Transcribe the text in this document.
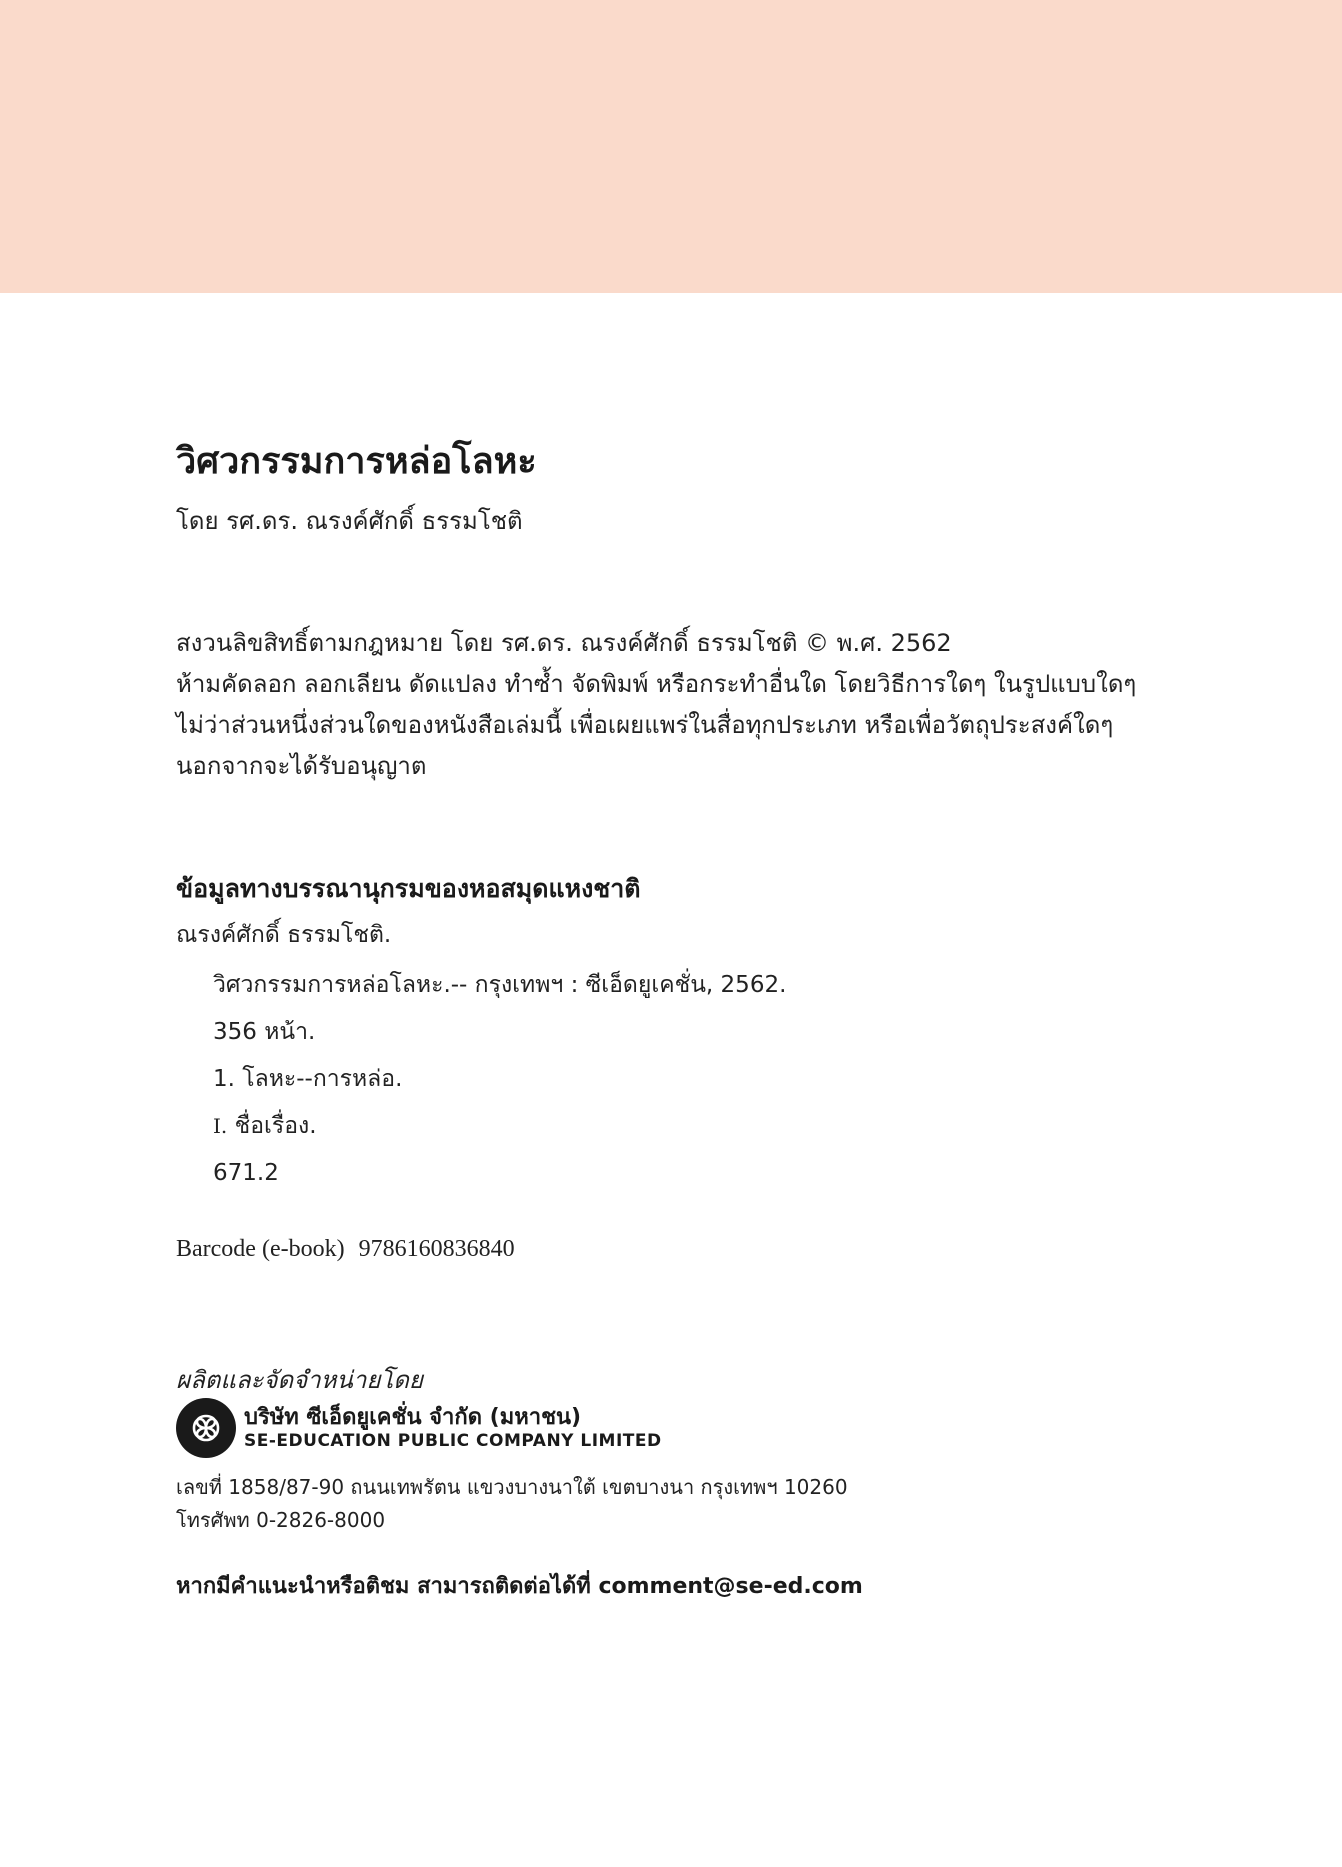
วิศวกรรมการหล่อโลหะ
โดย รศ.ดร. ณรงค์ศักดิ์ ธรรมโชติ
สงวนลิขสิทธิ์ตามกฎหมาย โดย รศ.ดร. ณรงค์ศักดิ์ ธรรมโชติ © พ.ศ. 2562
ห้ามคัดลอก ลอกเลียน ดัดแปลง ทำซ้ำ จัดพิมพ์ หรือกระทำอื่นใด โดยวิธีการใดๆ ในรูปแบบใดๆ
ไม่ว่าส่วนหนึ่งส่วนใดของหนังสือเล่มนี้ เพื่อเผยแพร่ในสื่อทุกประเภท หรือเพื่อวัตถุประสงค์ใดๆ
นอกจากจะได้รับอนุญาต
ข้อมูลทางบรรณานุกรมของหอสมุดแหงชาติ
ณรงค์ศักดิ์ ธรรมโชติ.
วิศวกรรมการหล่อโลหะ.-- กรุงเทพฯ : ซีเอ็ดยูเคชั่น, 2562.
356 หน้า.
1. โลหะ--การหล่อ.
I. ชื่อเรื่อง.
671.2
Barcode (e-book) 9786160836840
ผลิตและจัดจำหน่ายโดย
บริษัท ซีเอ็ดยูเคชั่น จำกัด (มหาชน)
SE-EDUCATION PUBLIC COMPANY LIMITED
เลขที่ 1858/87-90 ถนนเทพรัตน แขวงบางนาใต้ เขตบางนา กรุงเทพฯ 10260
โทรศัพท 0-2826-8000
หากมีคำแนะนำหรือติชม สามารถติดต่อได้ที่ comment@se-ed.com
